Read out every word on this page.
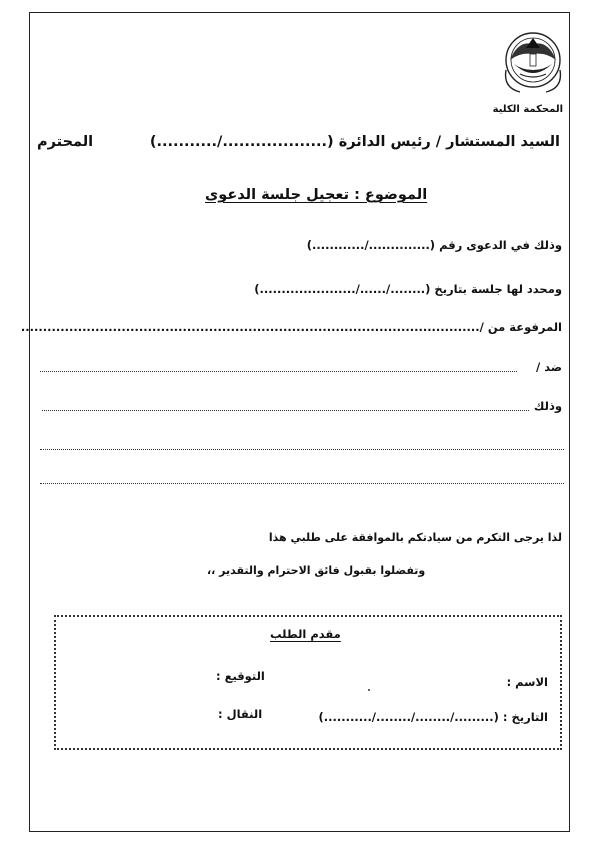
المحكمة الكلية
السيد المستشار / رئيس الدائرة (.................../...........)
المحترم
الموضوع : تعجيل جلسة الدعوى
وذلك في الدعوى رقم (............../............)
ومحدد لها جلسة بتاريخ (......../....../......................)
المرفوعة من /.........................................................................................................
ضد /
وذلك
لذا يرجى التكرم من سيادتكم بالموافقة على طلبي هذا
وتفضلوا بقبول فائق الاحترام والتقدير ،،
مقدم الطلب
الاسم :
التوقيع :
التاريخ : (........./......../......../...........)
النقال :
